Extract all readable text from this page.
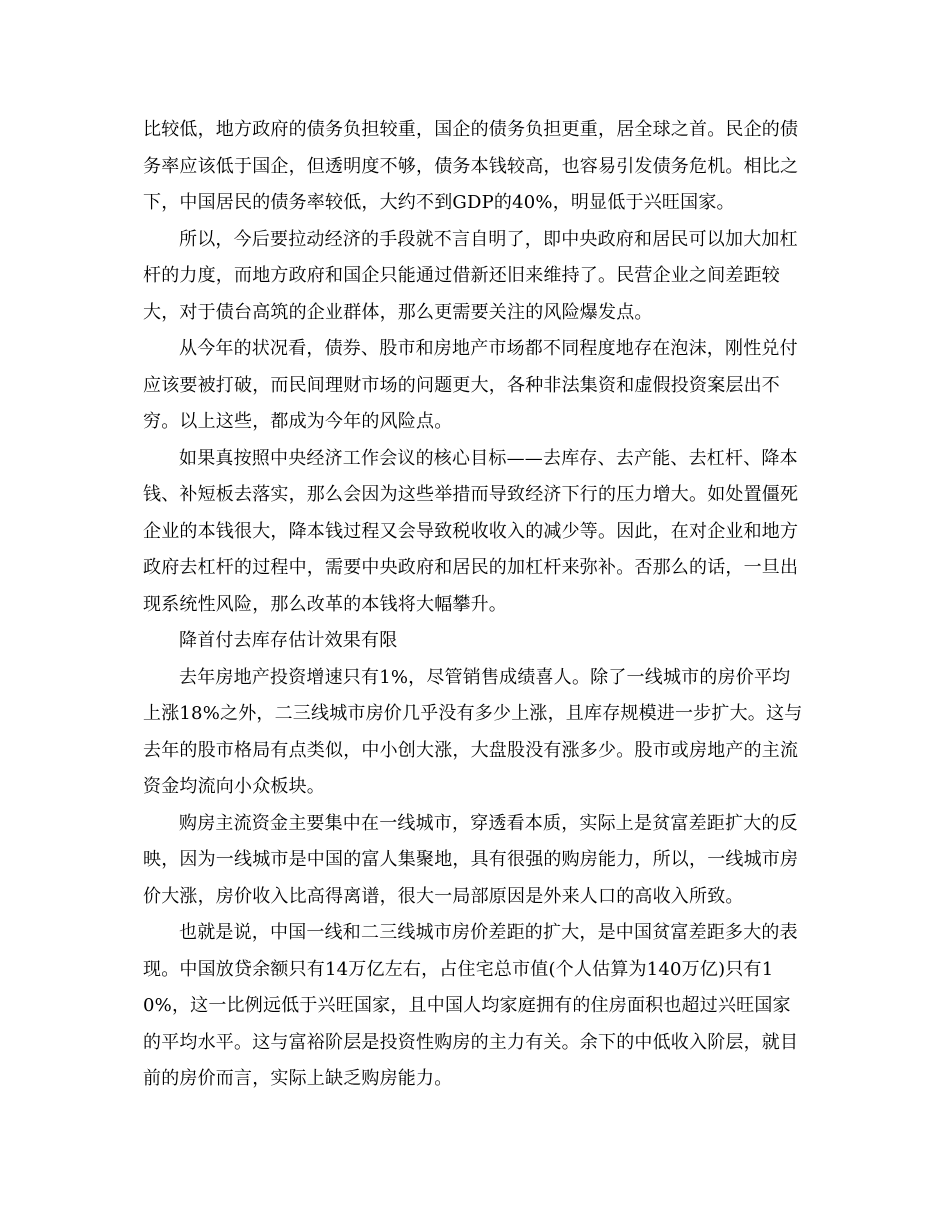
比较低，地方政府的债务负担较重，国企的债务负担更重，居全球之首。民企的债务率应该低于国企，但透明度不够，债务本钱较高，也容易引发债务危机。相比之下，中国居民的债务率较低，大约不到GDP的40%，明显低于兴旺国家。

所以，今后要拉动经济的手段就不言自明了，即中央政府和居民可以加大加杠杆的力度，而地方政府和国企只能通过借新还旧来维持了。民营企业之间差距较大，对于债台高筑的企业群体，那么更需要关注的风险爆发点。

从今年的状况看，债券、股市和房地产市场都不同程度地存在泡沫，刚性兑付应该要被打破，而民间理财市场的问题更大，各种非法集资和虚假投资案层出不穷。以上这些，都成为今年的风险点。

如果真按照中央经济工作会议的核心目标——去库存、去产能、去杠杆、降本钱、补短板去落实，那么会因为这些举措而导致经济下行的压力增大。如处置僵死企业的本钱很大，降本钱过程又会导致税收收入的减少等。因此，在对企业和地方政府去杠杆的过程中，需要中央政府和居民的加杠杆来弥补。否那么的话，一旦出现系统性风险，那么改革的本钱将大幅攀升。

降首付去库存估计效果有限

去年房地产投资增速只有1%，尽管销售成绩喜人。除了一线城市的房价平均上涨18%之外，二三线城市房价几乎没有多少上涨，且库存规模进一步扩大。这与去年的股市格局有点类似，中小创大涨，大盘股没有涨多少。股市或房地产的主流资金均流向小众板块。

购房主流资金主要集中在一线城市，穿透看本质，实际上是贫富差距扩大的反映，因为一线城市是中国的富人集聚地，具有很强的购房能力，所以，一线城市房价大涨，房价收入比高得离谱，很大一局部原因是外来人口的高收入所致。

也就是说，中国一线和二三线城市房价差距的扩大，是中国贫富差距多大的表现。中国放贷余额只有14万亿左右，占住宅总市值(个人估算为140万亿)只有10%，这一比例远低于兴旺国家，且中国人均家庭拥有的住房面积也超过兴旺国家的平均水平。这与富裕阶层是投资性购房的主力有关。余下的中低收入阶层，就目前的房价而言，实际上缺乏购房能力。
